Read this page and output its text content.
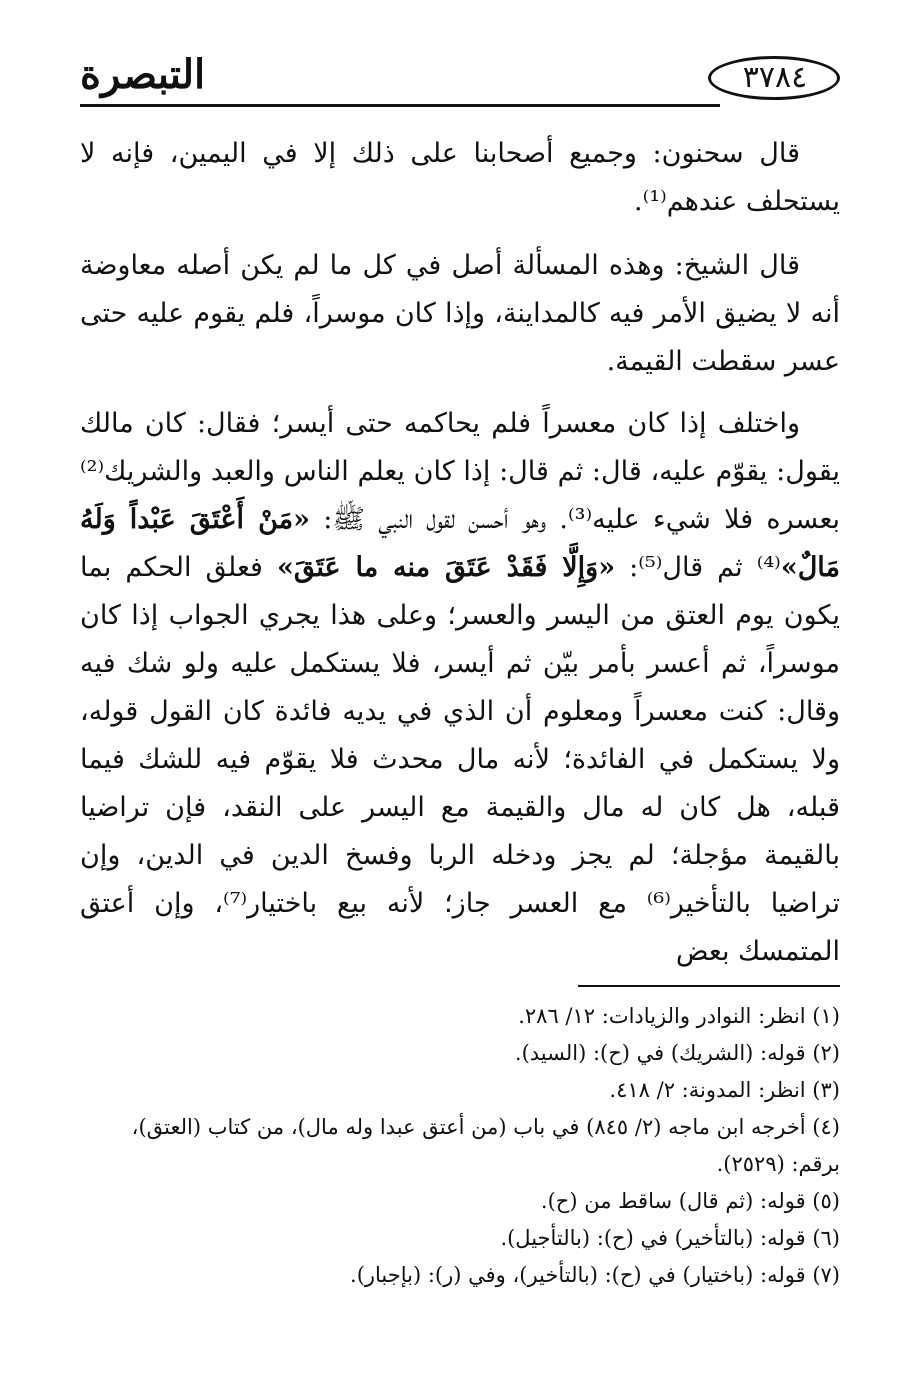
التبصرة	٣٧٨٤

قال سحنون: وجميع أصحابنا على ذلك إلا في اليمين، فإنه لا يستحلف عندهم⁽¹⁾.

قال الشيخ: وهذه المسألة أصل في كل ما لم يكن أصله معاوضة أنه لا يضيق الأمر فيه كالمداينة، وإذا كان موسراً، فلم يقوم عليه حتى عسر سقطت القيمة.

واختلف إذا كان معسراً فلم يحاكمه حتى أيسر؛ فقال: كان مالك يقول: يقوّم عليه، قال: ثم قال: إذا كان يعلم الناس والعبد والشريك⁽²⁾ بعسره فلا شيء عليه⁽³⁾. وهو أحسن لقول النبي ﷺ: «مَنْ أَعْتَقَ عَبْداً وَلَهُ مَالٌ»⁽⁴⁾ ثم قال⁽⁵⁾: «وَإِلَّا فَقَدْ عَتَقَ منه ما عَتَقَ» فعلق الحكم بما يكون يوم العتق من اليسر والعسر؛ وعلى هذا يجري الجواب إذا كان موسراً، ثم أعسر بأمر بيّن ثم أيسر، فلا يستكمل عليه ولو شك فيه وقال: كنت معسراً ومعلوم أن الذي في يديه فائدة كان القول قوله، ولا يستكمل في الفائدة؛ لأنه مال محدث فلا يقوّم فيه للشك فيما قبله، هل كان له مال والقيمة مع اليسر على النقد، فإن تراضيا بالقيمة مؤجلة؛ لم يجز ودخله الربا وفسخ الدين في الدين، وإن تراضيا بالتأخير⁽⁶⁾ مع العسر جاز؛ لأنه بيع باختيار⁽⁷⁾، وإن أعتق المتمسك بعض

(١) انظر: النوادر والزيادات: ١٢/ ٢٨٦.

(٢) قوله: (الشريك) في (ح): (السيد).

(٣) انظر: المدونة: ٢/ ٤١٨.

(٤) أخرجه ابن ماجه (٢/ ٨٤٥) في باب (من أعتق عبدا وله مال)، من كتاب (العتق)، برقم: (٢٥٢٩).

(٥) قوله: (ثم قال) ساقط من (ح).

(٦) قوله: (بالتأخير) في (ح): (بالتأجيل).

(٧) قوله: (باختيار) في (ح): (بالتأخير)، وفي (ر): (بإجبار).
